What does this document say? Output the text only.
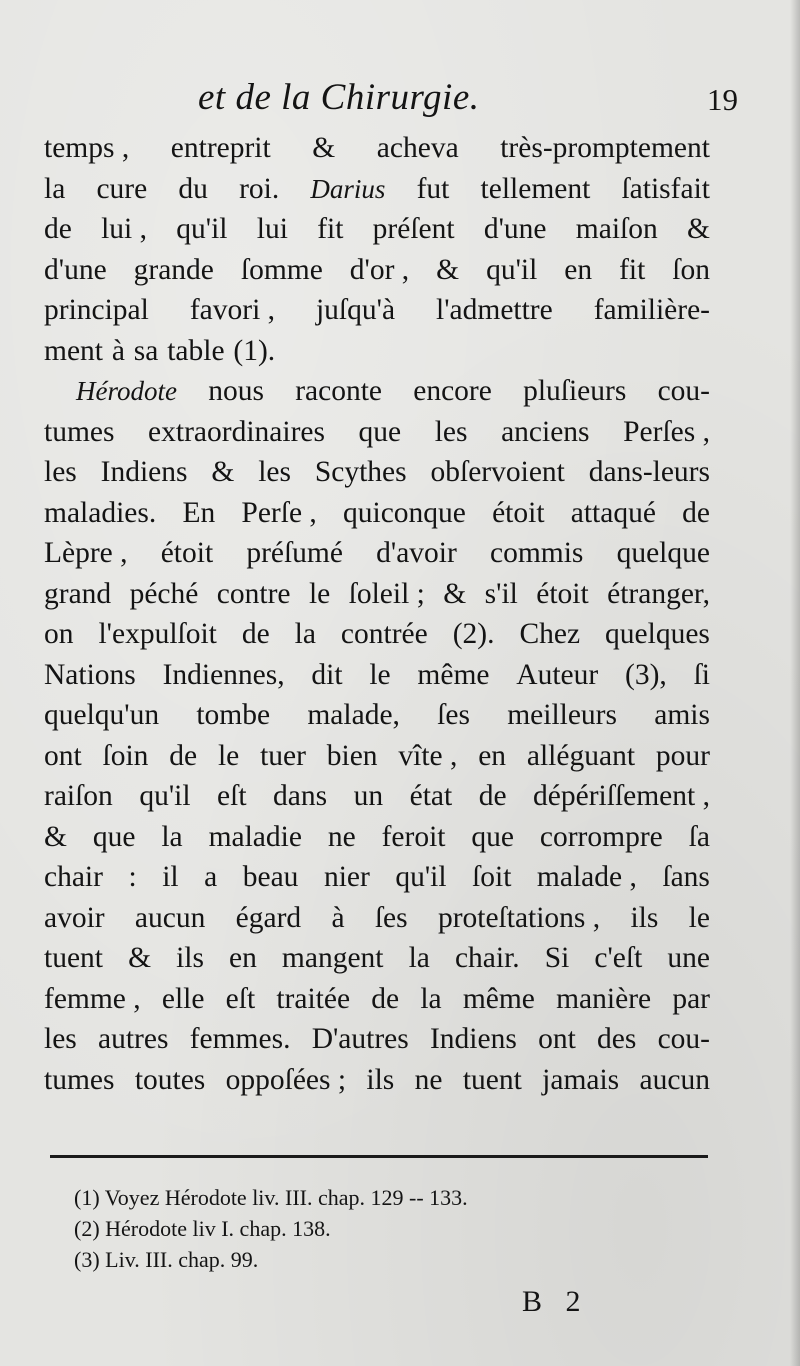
et de la Chirurgie.	19
temps , entreprit & acheva très-promptement
la cure du roi. Darius fut tellement ſatisfait
de lui , qu'il lui fit préſent d'une maiſon &
d'une grande ſomme d'or , & qu'il en fit ſon
principal favori , juſqu'à l'admettre familière-
ment à sa table (1).
Hérodote nous raconte encore pluſieurs cou-
tumes extraordinaires que les anciens Perſes ,
les Indiens & les Scythes obſervoient dans-leurs
maladies. En Perſe , quiconque étoit attaqué de
Lèpre , étoit préſumé d'avoir commis quelque
grand péché contre le ſoleil ; & s'il étoit étranger,
on l'expulſoit de la contrée (2). Chez quelques
Nations Indiennes, dit le même Auteur (3), ſi
quelqu'un tombe malade, ſes meilleurs amis
ont ſoin de le tuer bien vîte , en alléguant pour
raiſon qu'il eſt dans un état de dépériſſement ,
& que la maladie ne feroit que corrompre ſa
chair : il a beau nier qu'il ſoit malade , ſans
avoir aucun égard à ſes proteſtations , ils le
tuent & ils en mangent la chair. Si c'eſt une
femme , elle eſt traitée de la même manière par
les autres femmes. D'autres Indiens ont des cou-
tumes toutes oppoſées ; ils ne tuent jamais aucun
(1) Voyez Hérodote liv. III. chap. 129 -- 133.
(2) Hérodote liv I. chap. 138.
(3) Liv. III. chap. 99.
B 2
